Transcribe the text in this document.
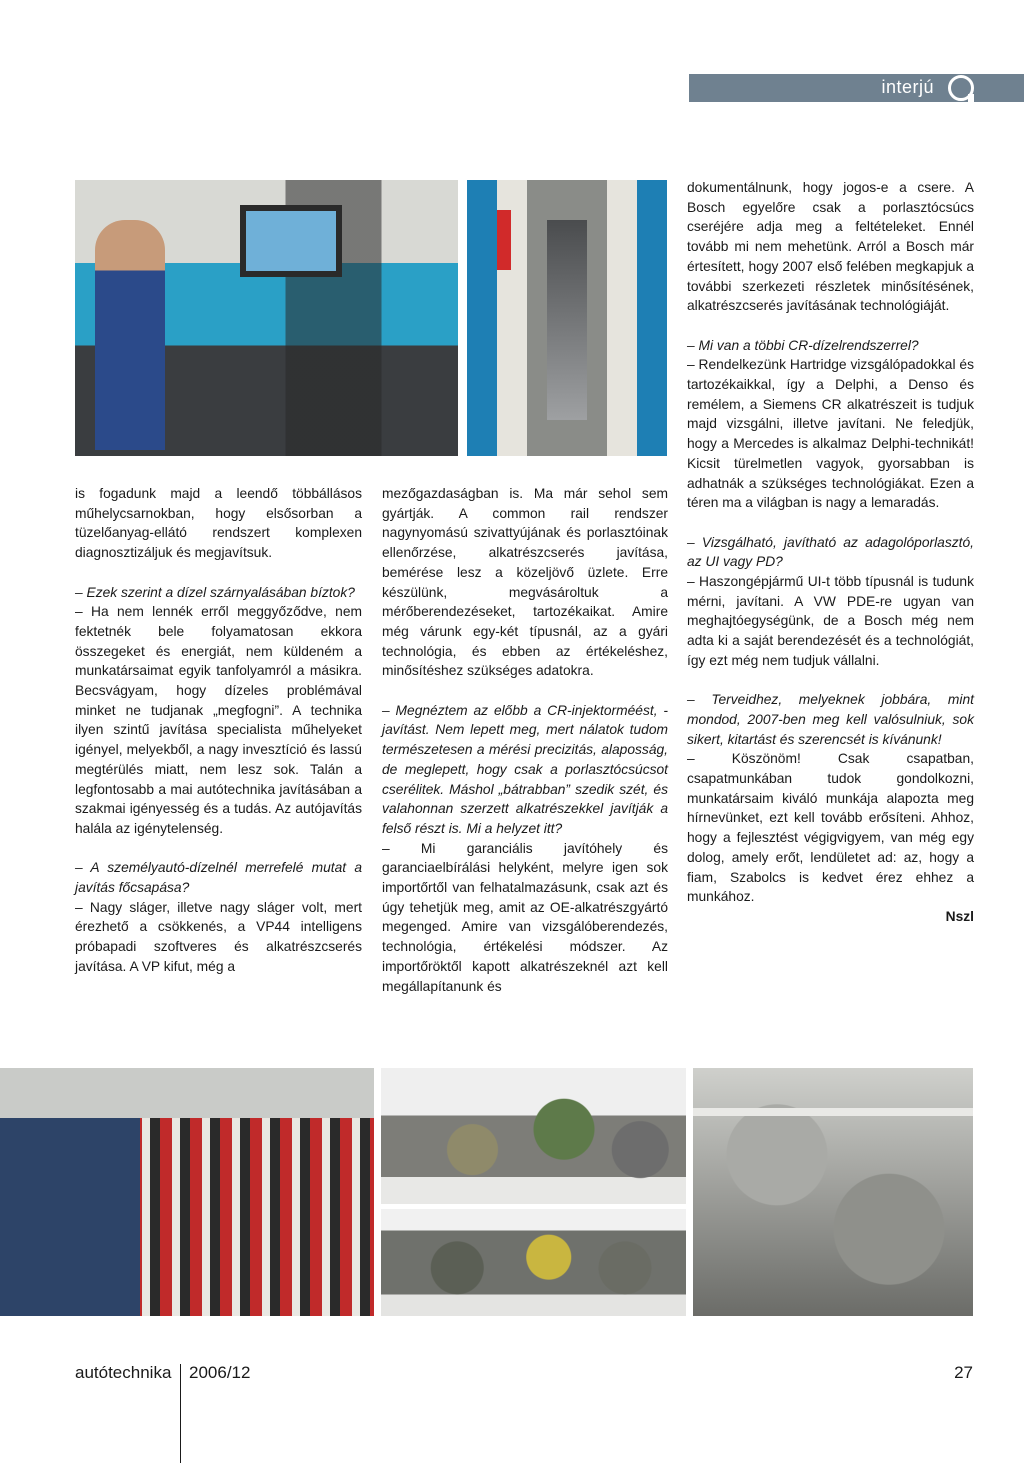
interjú

is fogadunk majd a leendő többállásos műhelycsarnokban, hogy elsősorban a tüzelőanyag-ellátó rendszert komplexen diagnosztizáljuk és megjavítsuk.

– Ezek szerint a dízel szárnyalásában bíztok?

– Ha nem lennék erről meggyőződve, nem fektetnék bele folyamatosan ekkora összegeket és energiát, nem küldeném a munkatársaimat egyik tanfolyamról a másikra. Becsvágyam, hogy dízeles problémával minket ne tudjanak „megfogni”. A technika ilyen szintű javítása specialista műhelyeket igényel, melyekből, a nagy invesztíció és lassú megtérülés miatt, nem lesz sok. Talán a legfontosabb a mai autótechnika javításában a szakmai igényesség és a tudás. Az autójavítás halála az igénytelenség.

– A személyautó-dízelnél merrefelé mutat a javítás főcsapása?

– Nagy sláger, illetve nagy sláger volt, mert érezhető a csökkenés, a VP44 intelligens próbapadi szoftveres és alkatrészcserés javítása. A VP kifut, még a

mezőgazdaságban is. Ma már sehol sem gyártják. A common rail rendszer nagynyomású szivattyújának és porlasztóinak ellenőrzése, alkatrészcserés javítása, bemérése lesz a közeljövő üzlete. Erre készülünk, megvásároltuk a mérőberendezéseket, tartozékaikat. Amire még várunk egy-két típusnál, az a gyári technológia, és ebben az értékeléshez, minősítéshez szükséges adatokra.

– Megnéztem az előbb a CR-injektorméést, -javítást. Nem lepett meg, mert nálatok tudom természetesen a mérési precizitás, alaposság, de meglepett, hogy csak a porlasztócsúcsot cserélitek. Máshol „bátrabban” szedik szét, és valahonnan szerzett alkatrészekkel javítják a felső részt is. Mi a helyzet itt?

– Mi garanciális javítóhely és garanciaelbírálási helyként, melyre igen sok importőrtől van felhatalmazásunk, csak azt és úgy tehetjük meg, amit az OE-alkatrészgyártó megenged. Amire van vizsgálóberendezés, technológia, értékelési módszer. Az importőröktől kapott alkatrészeknél azt kell megállapítanunk és

dokumentálnunk, hogy jogos-e a csere. A Bosch egyelőre csak a porlasztócsúcs cseréjére adja meg a feltételeket. Ennél tovább mi nem mehetünk. Arról a Bosch már értesített, hogy 2007 első felében megkapjuk a további szerkezeti részletek minősítésének, alkatrészcserés javításának technológiáját.

– Mi van a többi CR-dízelrendszerrel?

– Rendelkezünk Hartridge vizsgálópadokkal és tartozékaikkal, így a Delphi, a Denso és remélem, a Siemens CR alkatrészeit is tudjuk majd vizsgálni, illetve javítani. Ne feledjük, hogy a Mercedes is alkalmaz Delphi-technikát! Kicsit türelmetlen vagyok, gyorsabban is adhatnák a szükséges technológiákat. Ezen a téren ma a világban is nagy a lemaradás.

– Vizsgálható, javítható az adagolóporlasztó, az UI vagy PD?

– Haszongépjármű UI-t több típusnál is tudunk mérni, javítani. A VW PDE-re ugyan van meghajtóegységünk, de a Bosch még nem adta ki a saját berendezését és a technológiát, így ezt még nem tudjuk vállalni.

– Terveidhez, melyeknek jobbára, mint mondod, 2007-ben meg kell valósulniuk, sok sikert, kitartást és szerencsét is kívánunk!

– Köszönöm! Csak csapatban, csapatmunkában tudok gondolkozni, munkatársaim kiváló munkája alapozta meg hírnevünket, ezt kell tovább erősíteni. Ahhoz, hogy a fejlesztést végigvigyem, van még egy dolog, amely erőt, lendületet ad: az, hogy a fiam, Szabolcs is kedvet érez ehhez a munkához.

Nszl
autótechnika 2006/12	27
